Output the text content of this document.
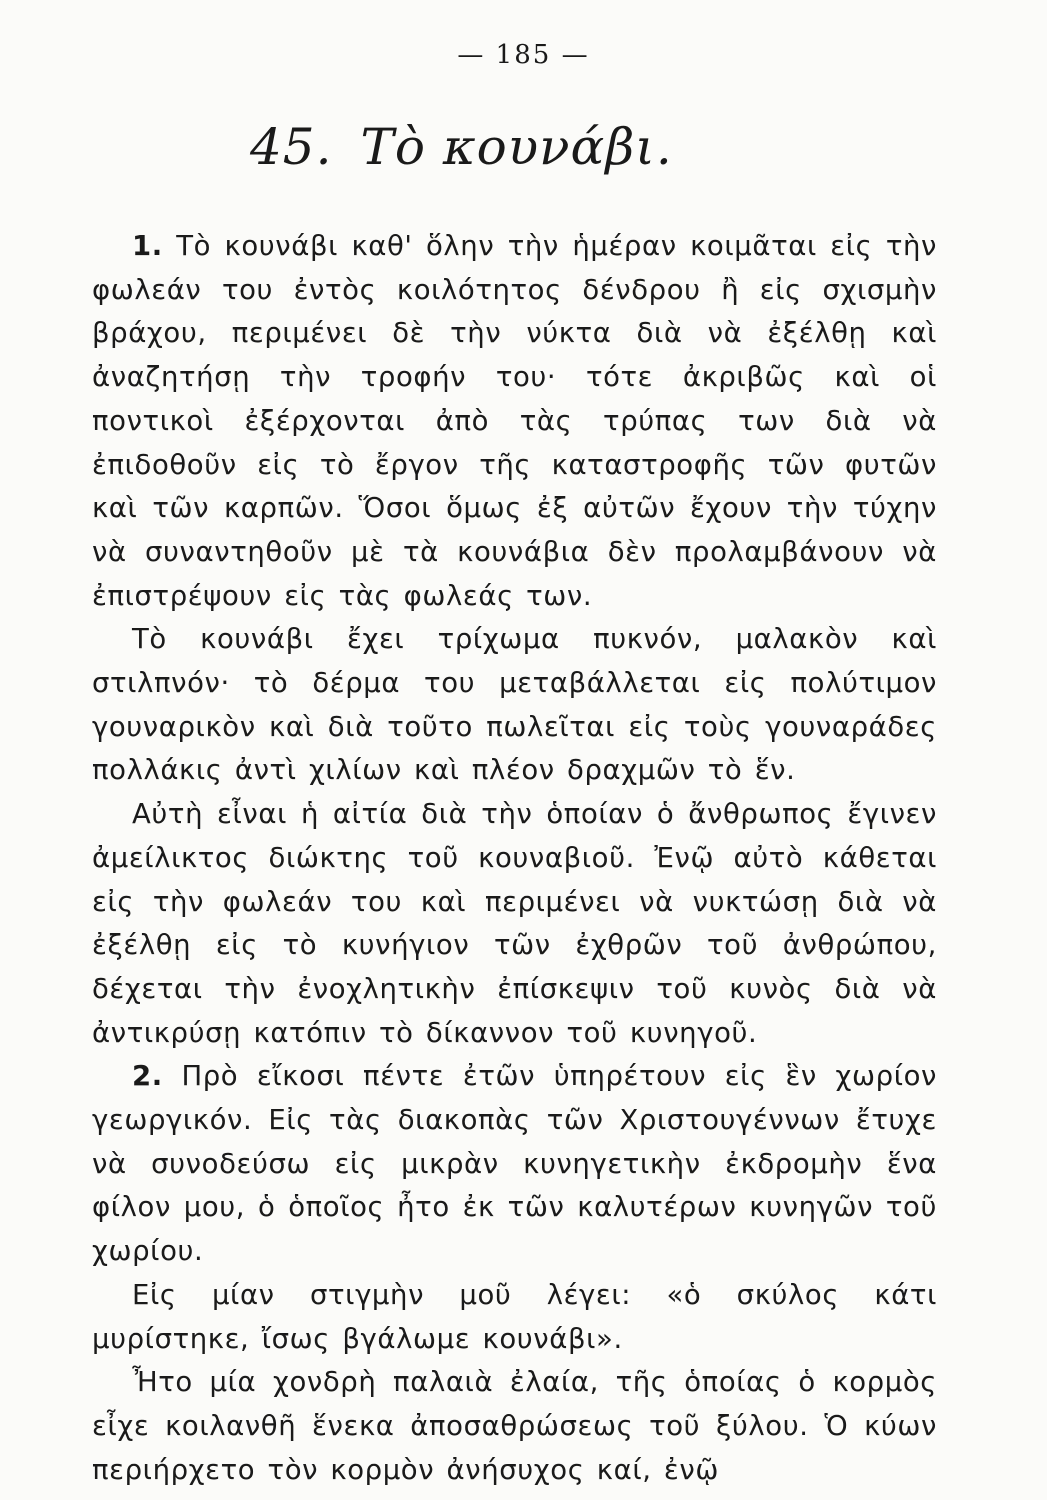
— 185 —
45. Τὸ κουνάβι.

1. Τὸ κουνάβι καθ' ὅλην τὴν ἡμέραν κοιμᾶται εἰς τὴν φωλεάν του ἐντὸς κοιλότητος δένδρου ἢ εἰς σχισμὴν βράχου, περιμένει δὲ τὴν νύκτα διὰ νὰ ἐξέλθῃ καὶ ἀναζητήσῃ τὴν τροφήν του· τότε ἀκριβῶς καὶ οἱ ποντικοὶ ἐξέρχονται ἀπὸ τὰς τρύπας των διὰ νὰ ἐπιδοθοῦν εἰς τὸ ἔργον τῆς καταστροφῆς τῶν φυτῶν καὶ τῶν καρπῶν. Ὅσοι ὅμως ἐξ αὐτῶν ἔχουν τὴν τύχην νὰ συναντηθοῦν μὲ τὰ κουνάβια δὲν προλαμβάνουν νὰ ἐπιστρέψουν εἰς τὰς φωλεάς των.

Τὸ κουνάβι ἔχει τρίχωμα πυκνόν, μαλακὸν καὶ στιλπνόν· τὸ δέρμα του μεταβάλλεται εἰς πολύτιμον γουναρικὸν καὶ διὰ τοῦτο πωλεῖται εἰς τοὺς γουναράδες πολλάκις ἀντὶ χιλίων καὶ πλέον δραχμῶν τὸ ἕν.

Αὐτὴ εἶναι ἡ αἰτία διὰ τὴν ὁποίαν ὁ ἄνθρωπος ἔγινεν ἀμείλικτος διώκτης τοῦ κουναβιοῦ. Ἐνῷ αὐτὸ κάθεται εἰς τὴν φωλεάν του καὶ περιμένει νὰ νυκτώσῃ διὰ νὰ ἐξέλθῃ εἰς τὸ κυνήγιον τῶν ἐχθρῶν τοῦ ἀνθρώπου, δέχεται τὴν ἐνοχλητικὴν ἐπίσκεψιν τοῦ κυνὸς διὰ νὰ ἀντικρύσῃ κατόπιν τὸ δίκαννον τοῦ κυνηγοῦ.

2. Πρὸ εἴκοσι πέντε ἐτῶν ὑπηρέτουν εἰς ἓν χωρίον γεωργικόν. Εἰς τὰς διακοπὰς τῶν Χριστουγέννων ἔτυχε νὰ συνοδεύσω εἰς μικρὰν κυνηγετικὴν ἐκδρομὴν ἕνα φίλον μου, ὁ ὁποῖος ἦτο ἐκ τῶν καλυτέρων κυνηγῶν τοῦ χωρίου.

Εἰς μίαν στιγμὴν μοῦ λέγει: «ὁ σκύλος κάτι μυρίστηκε, ἴσως βγάλωμε κουνάβι».

Ἦτο μία χονδρὴ παλαιὰ ἐλαία, τῆς ὁποίας ὁ κορμὸς εἶχε κοιλανθῆ ἕνεκα ἀποσαθρώσεως τοῦ ξύλου. Ὁ κύων περιήρχετο τὸν κορμὸν ἀνήσυχος καί, ἐνῷ
